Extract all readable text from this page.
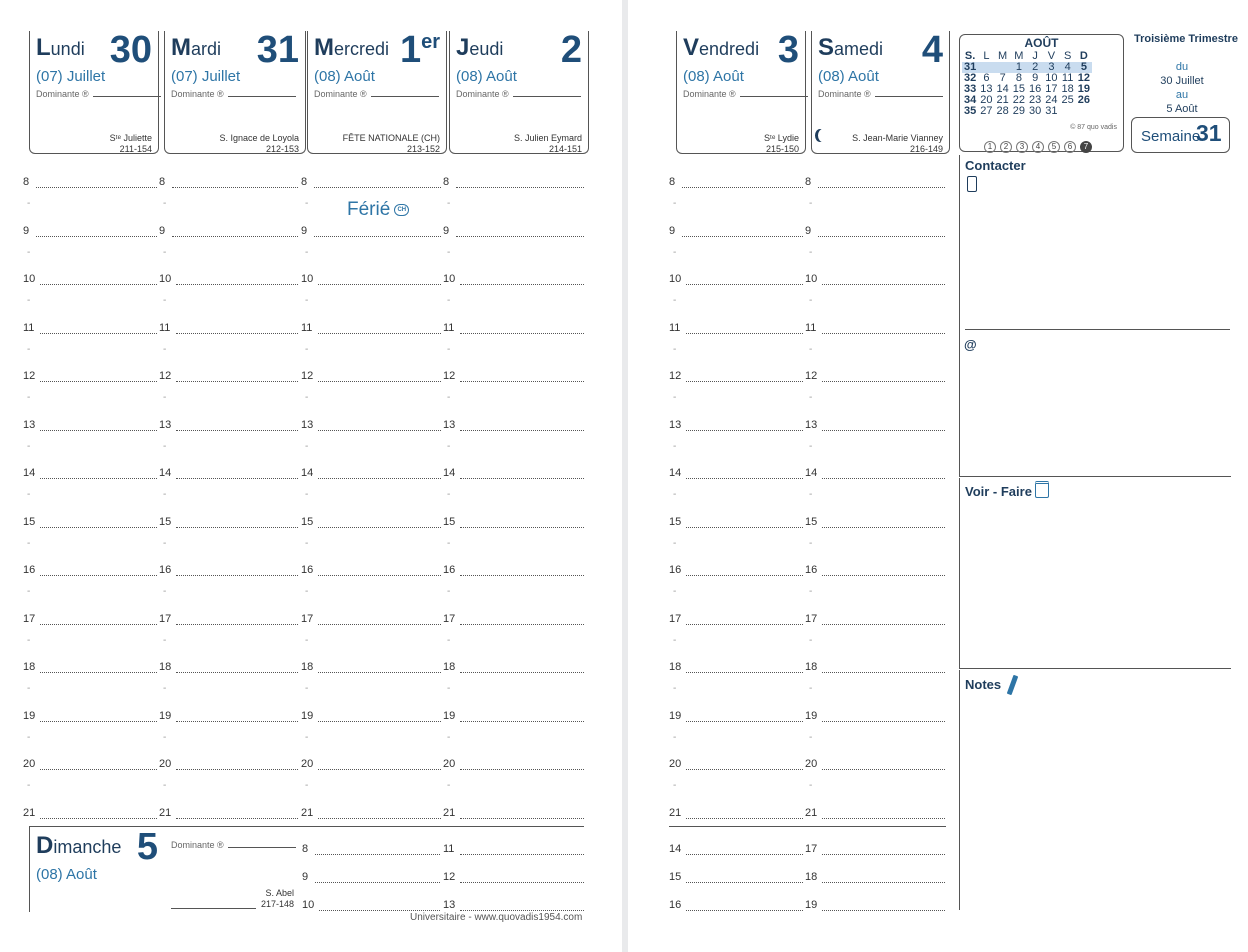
AOÛT
S.	L	M	M	J	V	S	D
31			1	2	3	4	5
32	6	7	8	9	10	11	12
33	13	14	15	16	17	18	19
34	20	21	22	23	24	25	26
35	27	28	29	30	31		
© 87 quo vadis
1 2 3 4 5 6 7
Troisième Trimestre
du
30 Juillet
au
5 Août
Semaine
31
Contacter
@
Voir - Faire
Notes
Férié CH
Universitaire - www.quovadis1954.com
Lundi 30
(07) Juillet
Dominante ®
Sᵗᵉ Juliette
211-154
Mardi 31
(07) Juillet
Dominante ®
S. Ignace de Loyola
212-153
Mercredi 1er
(08) Août
Dominante ®
FÊTE NATIONALE (CH)
213-152
Jeudi 2
(08) Août
Dominante ®
S. Julien Eymard
214-151
Vendredi 3
(08) Août
Dominante ®
Sᵗᵉ Lydie
215-150
Samedi 4
(08) Août
Dominante ®
S. Jean-Marie Vianney
216-149
8
-
8
-
8
-
8
-
8
-
8
-
9
-
9
-
9
-
9
-
9
-
9
-
10
-
10
-
10
-
10
-
10
-
10
-
11
-
11
-
11
-
11
-
11
-
11
-
12
-
12
-
12
-
12
-
12
-
12
-
13
-
13
-
13
-
13
-
13
-
13
-
14
-
14
-
14
-
14
-
14
-
14
-
15
-
15
-
15
-
15
-
15
-
15
-
16
-
16
-
16
-
16
-
16
-
16
-
17
-
17
-
17
-
17
-
17
-
17
-
18
-
18
-
18
-
18
-
18
-
18
-
19
-
19
-
19
-
19
-
19
-
19
-
20
-
20
-
20
-
20
-
20
-
20
-
21	21	21	21	21	21
Dimanche 5
(08) Août
Dominante ®
S. Abel
217-148
8
9
10
11
12
13
14
15
16
17
18
19
